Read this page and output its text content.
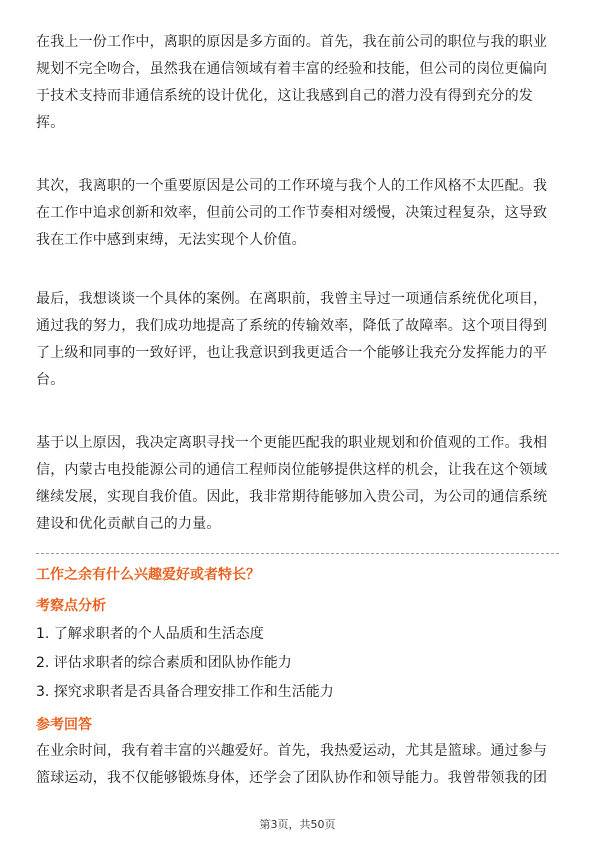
在我上一份工作中，离职的原因是多方面的。首先，我在前公司的职位与我的职业
规划不完全吻合，虽然我在通信领域有着丰富的经验和技能，但公司的岗位更偏向
于技术支持而非通信系统的设计优化，这让我感到自己的潜力没有得到充分的发
挥。

其次，我离职的一个重要原因是公司的工作环境与我个人的工作风格不太匹配。我
在工作中追求创新和效率，但前公司的工作节奏相对缓慢，决策过程复杂，这导致
我在工作中感到束缚，无法实现个人价值。

最后，我想谈谈一个具体的案例。在离职前，我曾主导过一项通信系统优化项目，
通过我的努力，我们成功地提高了系统的传输效率，降低了故障率。这个项目得到
了上级和同事的一致好评，也让我意识到我更适合一个能够让我充分发挥能力的平
台。

基于以上原因，我决定离职寻找一个更能匹配我的职业规划和价值观的工作。我相
信，内蒙古电投能源公司的通信工程师岗位能够提供这样的机会，让我在这个领域
继续发展，实现自我价值。因此，我非常期待能够加入贵公司，为公司的通信系统
建设和优化贡献自己的力量。

工作之余有什么兴趣爱好或者特长？

考察点分析

1. 了解求职者的个人品质和生活态度
2. 评估求职者的综合素质和团队协作能力
3. 探究求职者是否具备合理安排工作和生活能力

参考回答

在业余时间，我有着丰富的兴趣爱好。首先，我热爱运动，尤其是篮球。通过参与
篮球运动，我不仅能够锻炼身体，还学会了团队协作和领导能力。我曾带领我的团

第3页，共50页
